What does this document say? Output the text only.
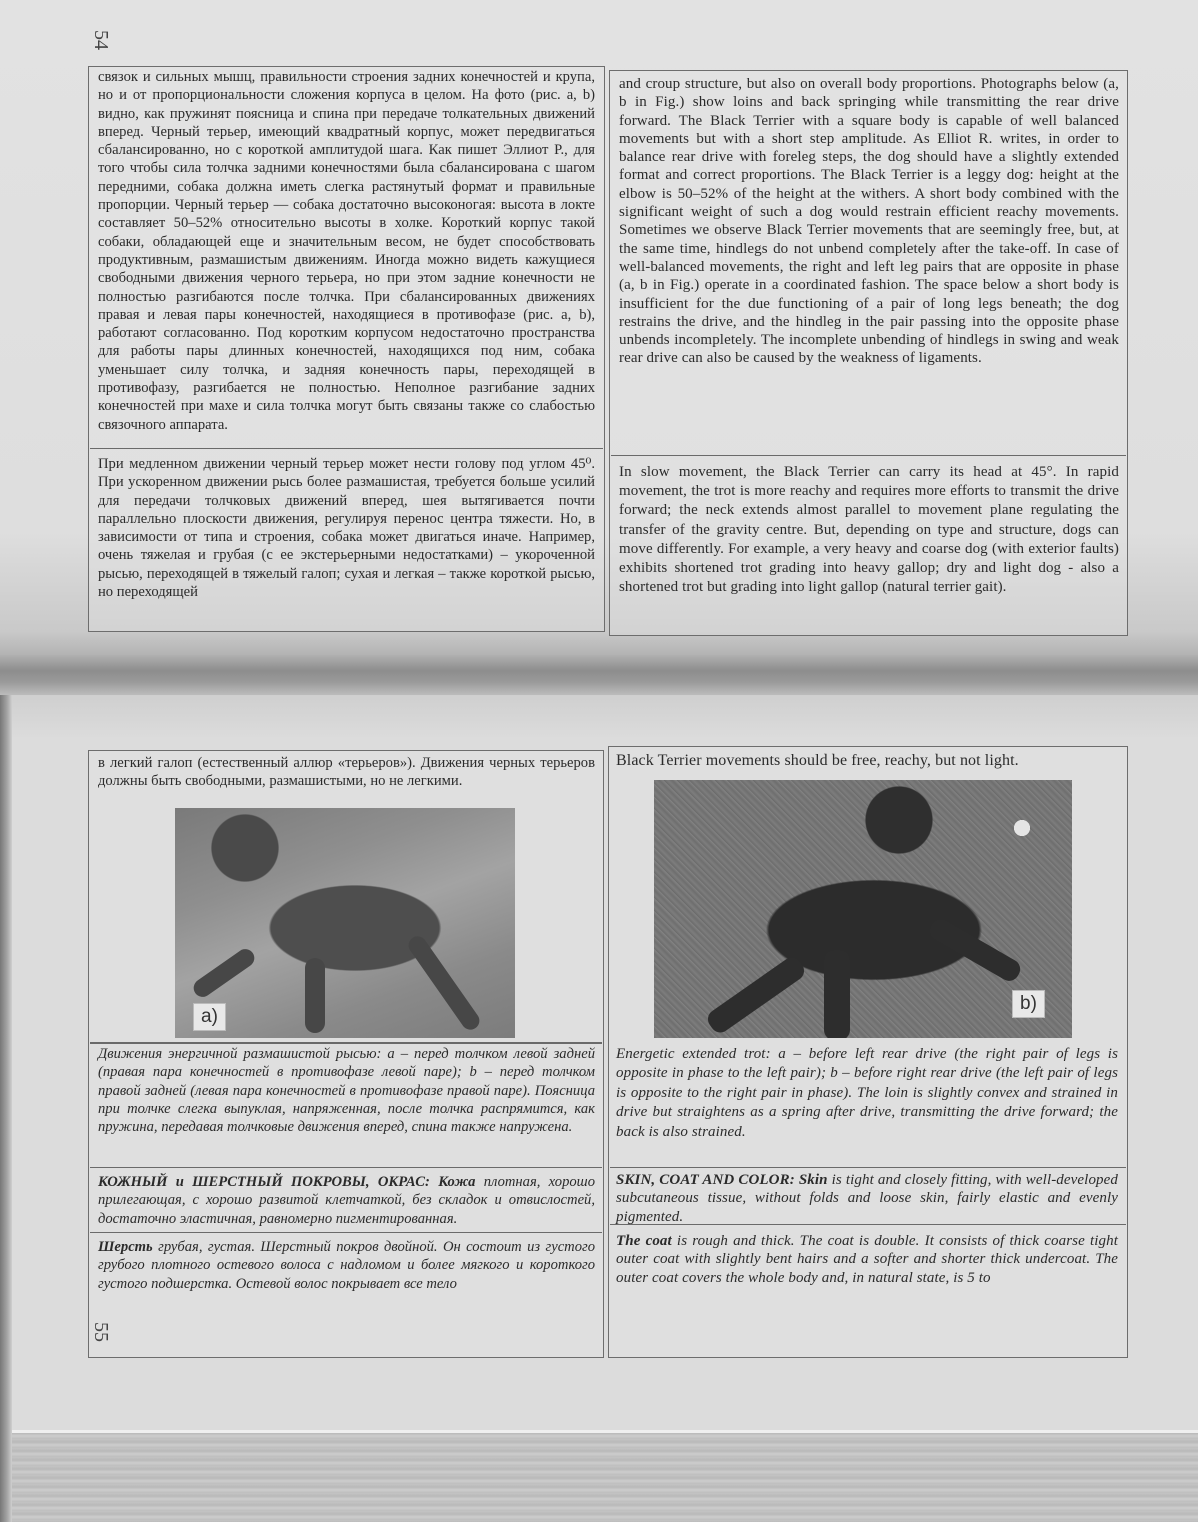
54
связок и сильных мышц, правильности строения задних конечностей и крупа, но и от пропорциональности сложения корпуса в целом. На фото (рис. a, b) видно, как пружинят поясница и спина при передаче толкательных движений вперед. Черный терьер, имеющий квадратный корпус, может передвигаться сбалансированно, но с короткой амплитудой шага. Как пишет Эллиот Р., для того чтобы сила толчка задними конечностями была сбалансирована с шагом передними, собака должна иметь слегка растянутый формат и правильные пропорции. Черный терьер — собака достаточно высоконогая: высота в локте составляет 50–52% относительно высоты в холке. Короткий корпус такой собаки, обладающей еще и значительным весом, не будет способствовать продуктивным, размашистым движениям. Иногда можно видеть кажущиеся свободными движения черного терьера, но при этом задние конечности не полностью разгибаются после толчка. При сбалансированных движениях правая и левая пары конечностей, находящиеся в противофазе (рис. a, b), работают согласованно. Под коротким корпусом недостаточно пространства для работы пары длинных конечностей, находящихся под ним, собака уменьшает силу толчка, и задняя конечность пары, переходящей в противофазу, разгибается не полностью. Неполное разгибание задних конечностей при махе и сила толчка могут быть связаны также со слабостью связочного аппарата.
При медленном движении черный терьер может нести голову под углом 45⁰. При ускоренном движении рысь более размашистая, требуется больше усилий для передачи толчковых движений вперед, шея вытягивается почти параллельно плоскости движения, регулируя перенос центра тяжести. Но, в зависимости от типа и строения, собака может двигаться иначе. Например, очень тяжелая и грубая (с ее экстерьерными недостатками) – укороченной рысью, переходящей в тяжелый галоп; сухая и легкая – также короткой рысью, но переходящей
and croup structure, but also on overall body proportions. Photographs below (a, b in Fig.) show loins and back springing while transmitting the rear drive forward. The Black Terrier with a square body is capable of well balanced movements but with a short step amplitude. As Elliot R. writes, in order to balance rear drive with foreleg steps, the dog should have a slightly extended format and correct proportions. The Black Terrier is a leggy dog: height at the elbow is 50–52% of the height at the withers. A short body combined with the significant weight of such a dog would restrain efficient reachy movements. Sometimes we observe Black Terrier movements that are seemingly free, but, at the same time, hindlegs do not unbend completely after the take-off. In case of well-balanced movements, the right and left leg pairs that are opposite in phase (a, b in Fig.) operate in a coordinated fashion. The space below a short body is insufficient for the due functioning of a pair of long legs beneath; the dog restrains the drive, and the hindleg in the pair passing into the opposite phase unbends incompletely. The incomplete unbending of hindlegs in swing and weak rear drive can also be caused by the weakness of ligaments.
In slow movement, the Black Terrier can carry its head at 45°. In rapid movement, the trot is more reachy and requires more efforts to transmit the drive forward; the neck extends almost parallel to movement plane regulating the transfer of the gravity centre. But, depending on type and structure, dogs can move differently. For example, a very heavy and coarse dog (with exterior faults) exhibits shortened trot grading into heavy gallop; dry and light dog - also a shortened trot but grading into light gallop (natural terrier gait).
в легкий галоп (естественный аллюр «терьеров»). Движения черных терьеров должны быть свободными, размашистыми, но не легкими.
Black Terrier movements should be free, reachy, but not light.
a)
b)
Движения энергичной размашистой рысью: a – перед толчком левой задней (правая пара конечностей в противофазе левой паре); b – перед толчком правой задней (левая пара конечностей в противофазе правой паре). Поясница при толчке слегка выпуклая, напряженная, после толчка распрямится, как пружина, передавая толчковые движения вперед, спина также напружена.
Energetic extended trot: a – before left rear drive (the right pair of legs is opposite in phase to the left pair); b – before right rear drive (the left pair of legs is opposite to the right pair in phase). The loin is slightly convex and strained in drive but straightens as a spring after drive, transmitting the drive forward; the back is also strained.
КОЖНЫЙ и ШЕРСТНЫЙ ПОКРОВЫ, ОКРАС: Кожа плотная, хорошо прилегающая, с хорошо развитой клетчаткой, без складок и отвислостей, достаточно эластичная, равномерно пигментированная.
SKIN, COAT AND COLOR: Skin is tight and closely fitting, with well-developed subcutaneous tissue, without folds and loose skin, fairly elastic and evenly pigmented.
Шерсть грубая, густая. Шерстный покров двойной. Он состоит из густого грубого плотного остевого волоса с надломом и более мягкого и короткого густого подшерстка. Остевой волос покрывает все тело
The coat is rough and thick. The coat is double. It consists of thick coarse tight outer coat with slightly bent hairs and a softer and shorter thick undercoat. The outer coat covers the whole body and, in natural state, is 5 to
55
